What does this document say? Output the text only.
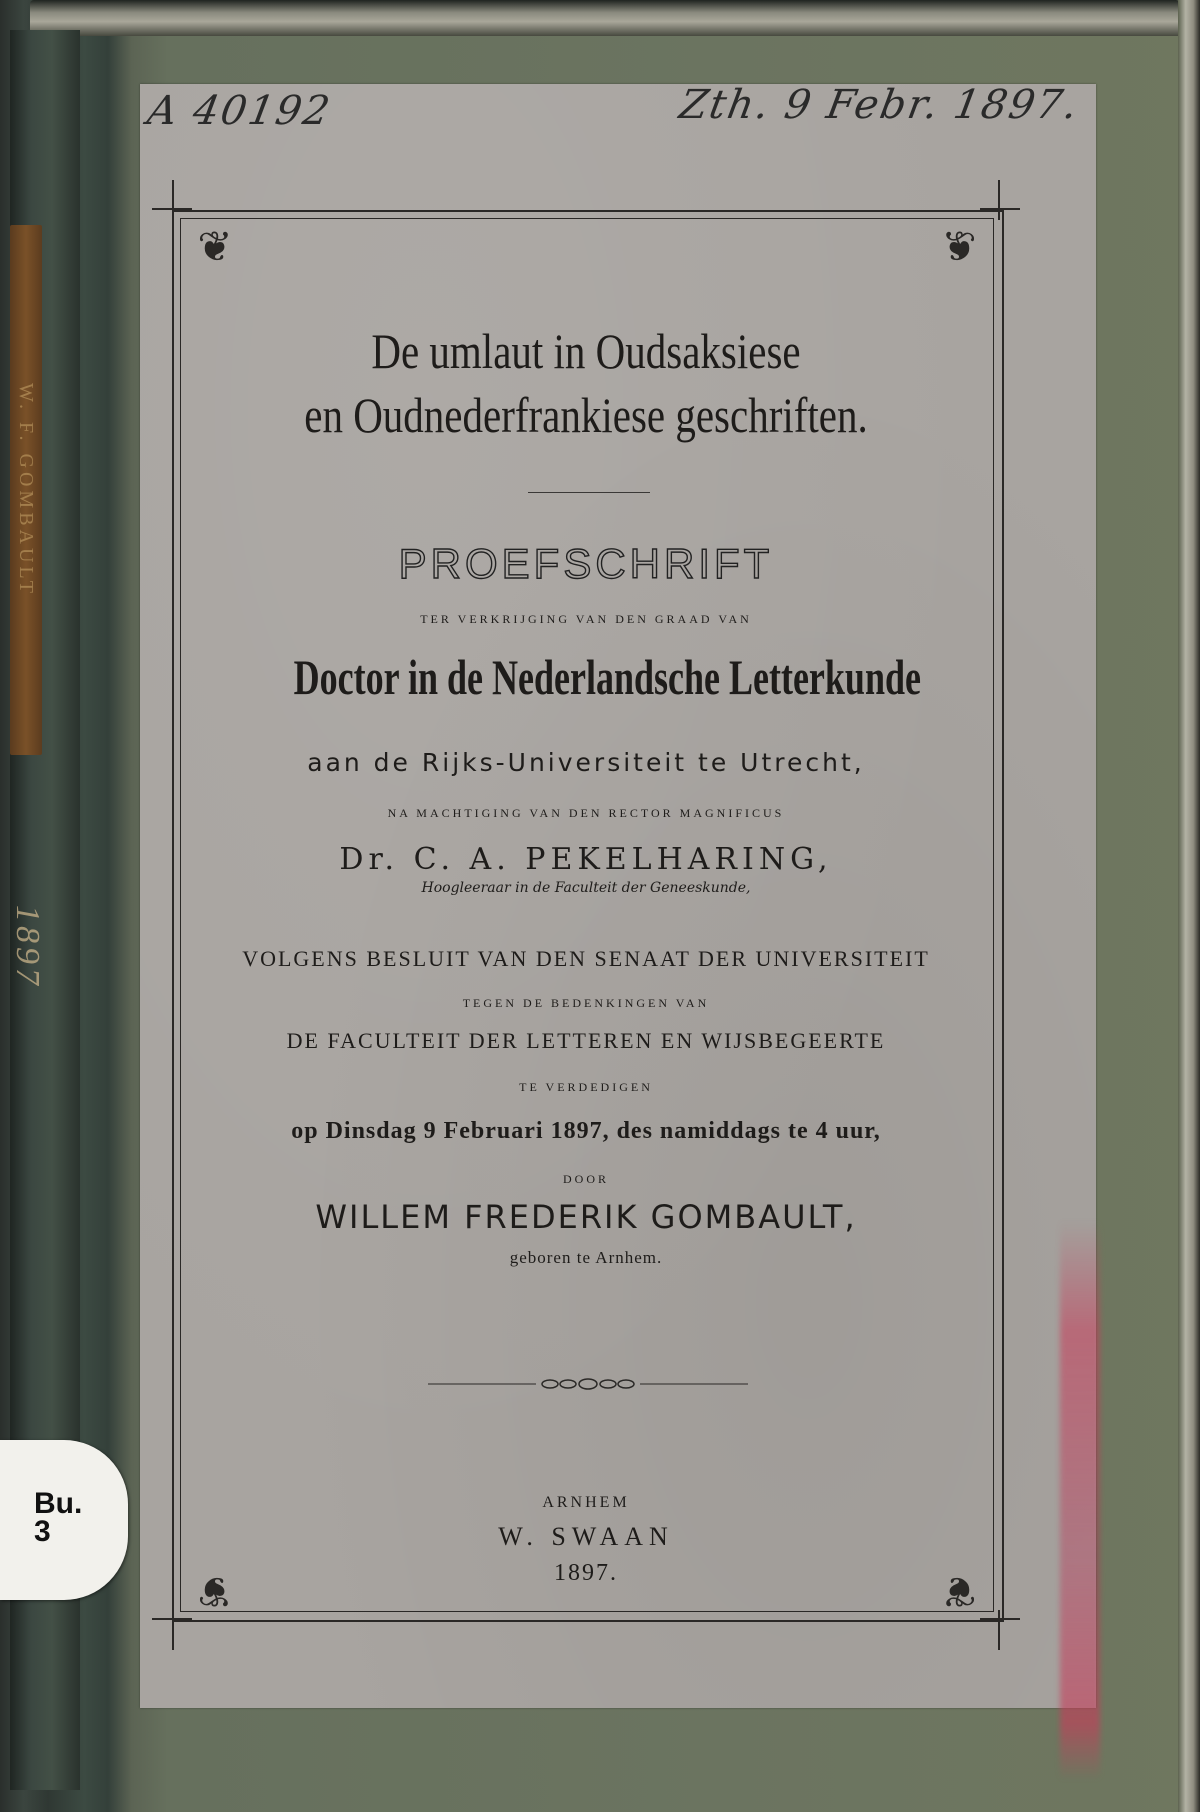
W. F. GOMBAULT
1897
Bu.3
A 40192	Zth. 9 Febr. 1897.
❦	❦
❦	❦
De umlaut in Oudsaksiese
en Oudnederfrankiese geschriften.
PROEFSCHRIFT
TER VERKRIJGING VAN DEN GRAAD VAN
Doctor in de Nederlandsche Letterkunde
aan de Rijks-Universiteit te Utrecht,
NA MACHTIGING VAN DEN RECTOR MAGNIFICUS
Dr. C. A. PEKELHARING,
Hoogleeraar in de Faculteit der Geneeskunde,
VOLGENS BESLUIT VAN DEN SENAAT DER UNIVERSITEIT
TEGEN DE BEDENKINGEN VAN
DE FACULTEIT DER LETTEREN EN WIJSBEGEERTE
TE VERDEDIGEN
op Dinsdag 9 Februari 1897, des namiddags te 4 uur,
DOOR
WILLEM FREDERIK GOMBAULT,
geboren te Arnhem.
ARNHEM
W. SWAAN
1897.
